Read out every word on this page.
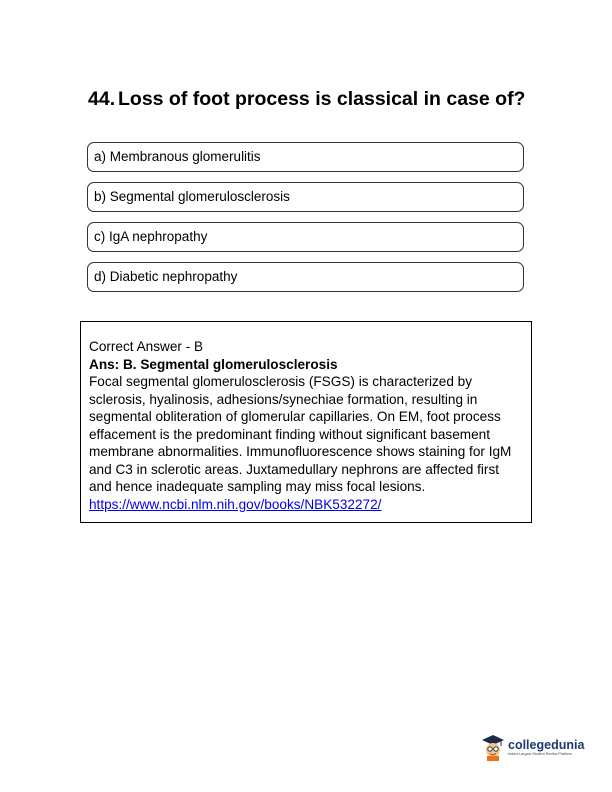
44. Loss of foot process is classical in case of?
a) Membranous glomerulitis
b) Segmental glomerulosclerosis
c) IgA nephropathy
d) Diabetic nephropathy
Correct Answer - B
Ans: B. Segmental glomerulosclerosis
Focal segmental glomerulosclerosis (FSGS) is characterized by sclerosis, hyalinosis, adhesions/synechiae formation, resulting in segmental obliteration of glomerular capillaries. On EM, foot process effacement is the predominant finding without significant basement membrane abnormalities. Immunofluorescence shows staining for IgM and C3 in sclerotic areas. Juxtamedullary nephrons are affected first and hence inadequate sampling may miss focal lesions.
https://www.ncbi.nlm.nih.gov/books/NBK532272/
collegedunia
India's Largest Student Review Platform
